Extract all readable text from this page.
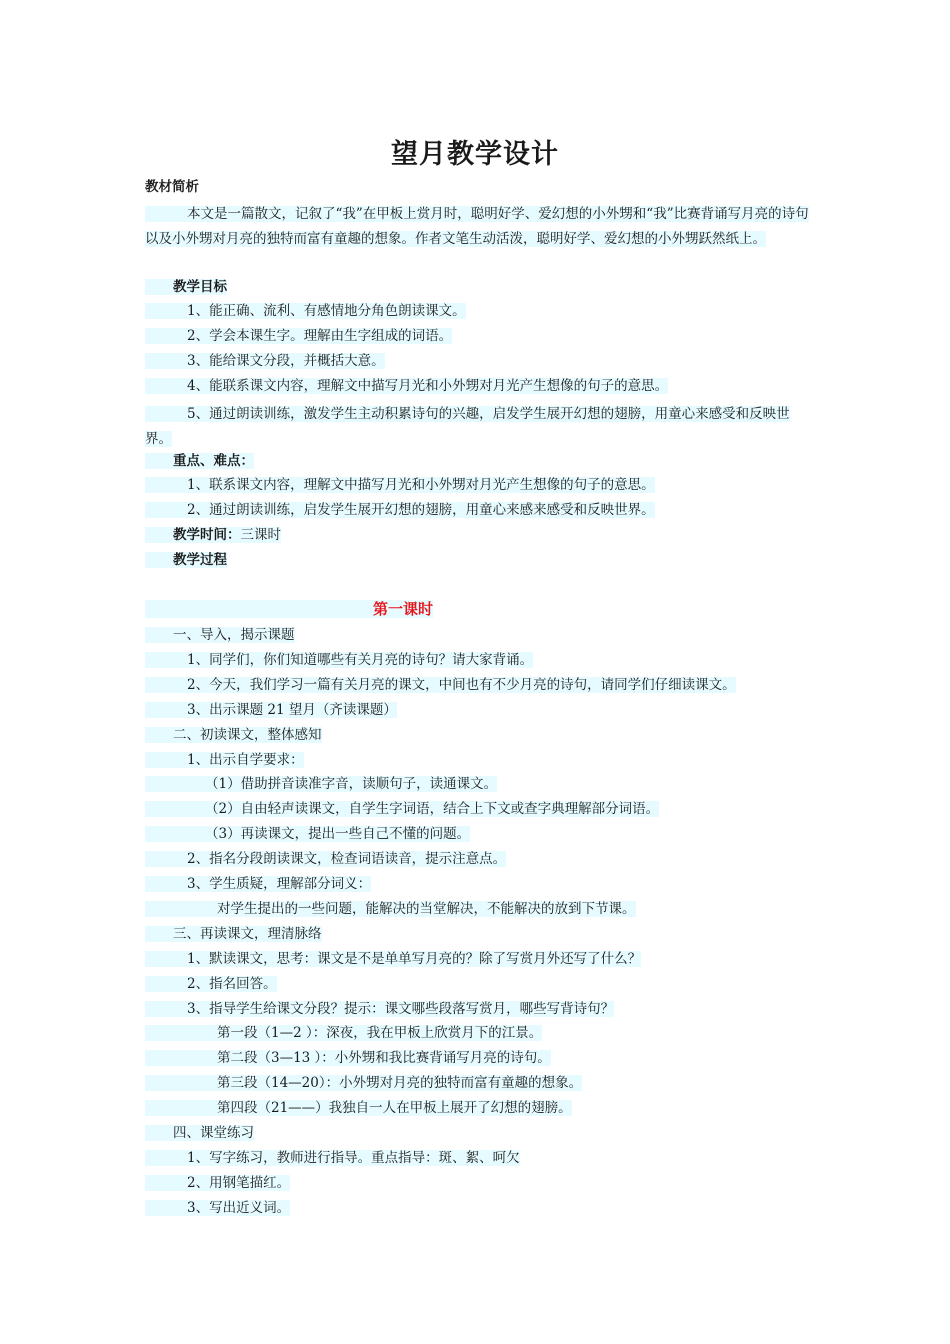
望月教学设计
教材简析
本文是一篇散文，记叙了“我”在甲板上赏月时，聪明好学、爱幻想的小外甥和“我”比赛背诵写月亮的诗句以及小外甥对月亮的独特而富有童趣的想象。作者文笔生动活泼，聪明好学、爱幻想的小外甥跃然纸上。
教学目标
1、能正确、流利、有感情地分角色朗读课文。
2、学会本课生字。理解由生字组成的词语。
3、能给课文分段，并概括大意。
4、能联系课文内容，理解文中描写月光和小外甥对月光产生想像的句子的意思。
5、通过朗读训练，激发学生主动积累诗句的兴趣，启发学生展开幻想的翅膀，用童心来感受和反映世界。
重点、难点：
1、联系课文内容，理解文中描写月光和小外甥对月光产生想像的句子的意思。
2、通过朗读训练，启发学生展开幻想的翅膀，用童心来感来感受和反映世界。
教学时间：三课时
教学过程
第一课时
一、导入，揭示课题
1、同学们，你们知道哪些有关月亮的诗句？请大家背诵。
2、今天，我们学习一篇有关月亮的课文，中间也有不少月亮的诗句，请同学们仔细读课文。
3、出示课题 21 望月（齐读课题）
二、初读课文，整体感知
1、出示自学要求：
（1）借助拼音读准字音，读顺句子，读通课文。
（2）自由轻声读课文，自学生字词语，结合上下文或查字典理解部分词语。
（3）再读课文，提出一些自己不懂的问题。
2、指名分段朗读课文，检查词语读音，提示注意点。
3、学生质疑，理解部分词义：
对学生提出的一些问题，能解决的当堂解决，不能解决的放到下节课。
三、再读课文，理清脉络
1、默读课文，思考：课文是不是单单写月亮的？除了写赏月外还写了什么？
2、指名回答。
3、指导学生给课文分段？提示：课文哪些段落写赏月，哪些写背诗句？
第一段（1—2 ）：深夜，我在甲板上欣赏月下的江景。
第二段（3—13 ）：小外甥和我比赛背诵写月亮的诗句。
第三段（14—20）：小外甥对月亮的独特而富有童趣的想象。
第四段（21——）我独自一人在甲板上展开了幻想的翅膀。
四、课堂练习
1、写字练习，教师进行指导。重点指导：斑、絮、呵欠
2、用钢笔描红。
3、写出近义词。
